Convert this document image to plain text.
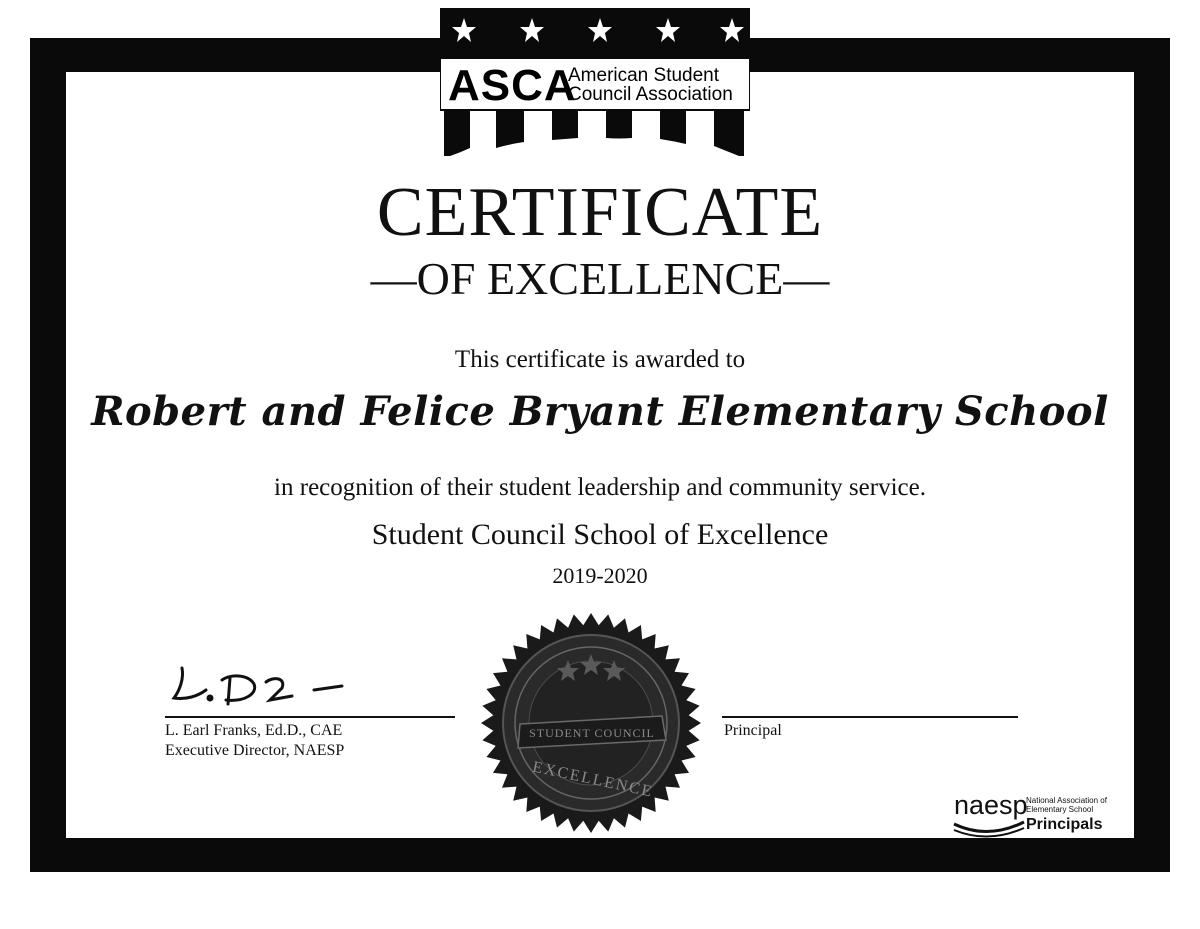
ASCA
American Student
Council Association
CERTIFICATE
—OF EXCELLENCE—
This certificate is awarded to
Robert and Felice Bryant Elementary School
in recognition of their student leadership and community service.
Student Council School of Excellence
2019-2020
L. Earl Franks, Ed.D., CAE
Executive Director, NAESP
Principal
STUDENT COUNCIL
EXCELLENCE
naesp
National Association of
Elementary School
Principals
